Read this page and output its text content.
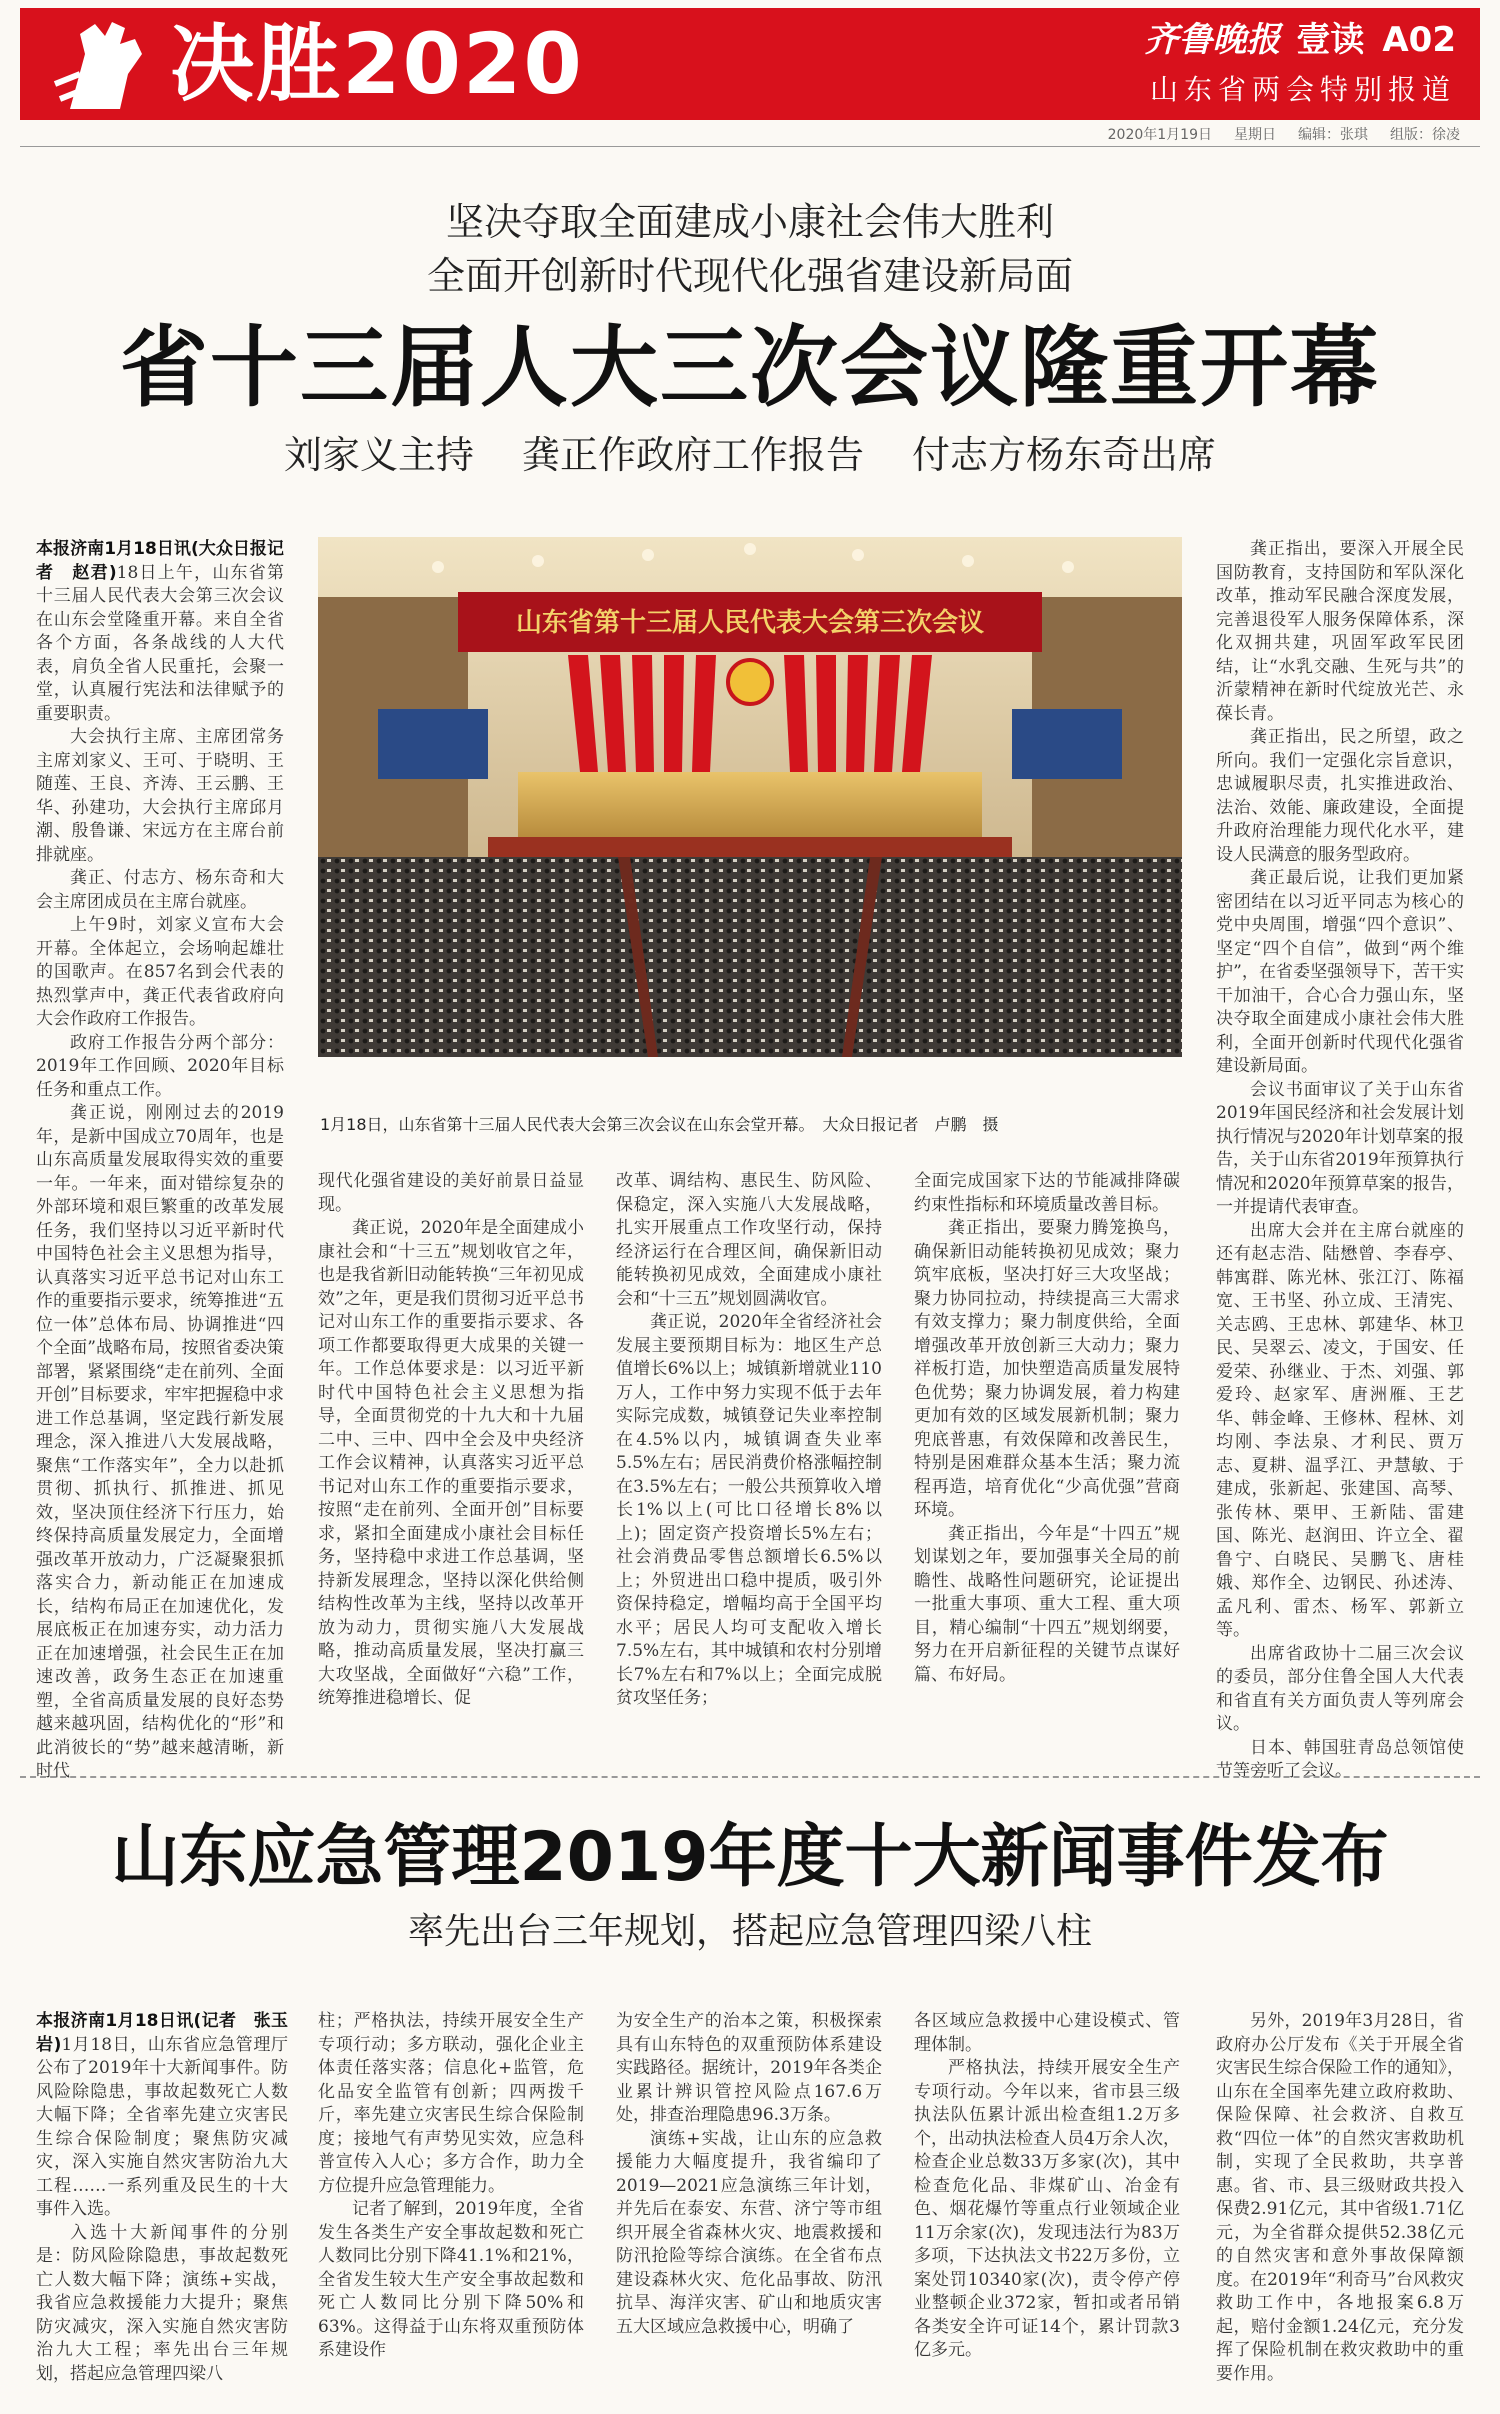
决胜2020	齐鲁晚报 壹读 A02
山东省两会特别报道
2020年1月19日 星期日 编辑：张琪 组版：徐凌
坚决夺取全面建成小康社会伟大胜利
全面开创新时代现代化强省建设新局面
省十三届人大三次会议隆重开幕
刘家义主持 龚正作政府工作报告 付志方杨东奇出席

本报济南1月18日讯(大众日报记者　赵君)18日上午，山东省第十三届人民代表大会第三次会议在山东会堂隆重开幕。来自全省各个方面，各条战线的人大代表，肩负全省人民重托，会聚一堂，认真履行宪法和法律赋予的重要职责。

大会执行主席、主席团常务主席刘家义、王可、于晓明、王随莲、王良、齐涛、王云鹏、王华、孙建功，大会执行主席邱月潮、殷鲁谦、宋远方在主席台前排就座。

龚正、付志方、杨东奇和大会主席团成员在主席台就座。

上午9时，刘家义宣布大会开幕。全体起立，会场响起雄壮的国歌声。在857名到会代表的热烈掌声中，龚正代表省政府向大会作政府工作报告。

政府工作报告分两个部分：2019年工作回顾、2020年目标任务和重点工作。

龚正说，刚刚过去的2019年，是新中国成立70周年，也是山东高质量发展取得实效的重要一年。一年来，面对错综复杂的外部环境和艰巨繁重的改革发展任务，我们坚持以习近平新时代中国特色社会主义思想为指导，认真落实习近平总书记对山东工作的重要指示要求，统筹推进“五位一体”总体布局、协调推进“四个全面”战略布局，按照省委决策部署，紧紧围绕“走在前列、全面开创”目标要求，牢牢把握稳中求进工作总基调，坚定践行新发展理念，深入推进八大发展战略，聚焦“工作落实年”，全力以赴抓贯彻、抓执行、抓推进、抓见效，坚决顶住经济下行压力，始终保持高质量发展定力，全面增强改革开放动力，广泛凝聚狠抓落实合力，新动能正在加速成长，结构布局正在加速优化，发展底板正在加速夯实，动力活力正在加速增强，社会民生正在加速改善，政务生态正在加速重塑，全省高质量发展的良好态势越来越巩固，结构优化的“形”和此消彼长的“势”越来越清晰，新时代

山东省第十三届人民代表大会第三次会议
1月18日，山东省第十三届人民代表大会第三次会议在山东会堂开幕。　大众日报记者　卢鹏　摄

现代化强省建设的美好前景日益显现。

龚正说，2020年是全面建成小康社会和“十三五”规划收官之年，也是我省新旧动能转换“三年初见成效”之年，更是我们贯彻习近平总书记对山东工作的重要指示要求、各项工作都要取得更大成果的关键一年。工作总体要求是：以习近平新时代中国特色社会主义思想为指导，全面贯彻党的十九大和十九届二中、三中、四中全会及中央经济工作会议精神，认真落实习近平总书记对山东工作的重要指示要求，按照“走在前列、全面开创”目标要求，紧扣全面建成小康社会目标任务，坚持稳中求进工作总基调，坚持新发展理念，坚持以深化供给侧结构性改革为主线，坚持以改革开放为动力，贯彻实施八大发展战略，推动高质量发展，坚决打赢三大攻坚战，全面做好“六稳”工作，统筹推进稳增长、促

改革、调结构、惠民生、防风险、保稳定，深入实施八大发展战略，扎实开展重点工作攻坚行动，保持经济运行在合理区间，确保新旧动能转换初见成效，全面建成小康社会和“十三五”规划圆满收官。

龚正说，2020年全省经济社会发展主要预期目标为：地区生产总值增长6%以上；城镇新增就业110万人，工作中努力实现不低于去年实际完成数，城镇登记失业率控制在4.5%以内，城镇调查失业率5.5%左右；居民消费价格涨幅控制在3.5%左右；一般公共预算收入增长1%以上(可比口径增长8%以上)；固定资产投资增长5%左右；社会消费品零售总额增长6.5%以上；外贸进出口稳中提质，吸引外资保持稳定，增幅均高于全国平均水平；居民人均可支配收入增长7.5%左右，其中城镇和农村分别增长7%左右和7%以上；全面完成脱贫攻坚任务；

全面完成国家下达的节能减排降碳约束性指标和环境质量改善目标。

龚正指出，要聚力腾笼换鸟，确保新旧动能转换初见成效；聚力筑牢底板，坚决打好三大攻坚战；聚力协同拉动，持续提高三大需求有效支撑力；聚力制度供给，全面增强改革开放创新三大动力；聚力祥板打造，加快塑造高质量发展特色优势；聚力协调发展，着力构建更加有效的区域发展新机制；聚力兜底普惠，有效保障和改善民生，特别是困难群众基本生活；聚力流程再造，培育优化“少高优强”营商环境。

龚正指出，今年是“十四五”规划谋划之年，要加强事关全局的前瞻性、战略性问题研究，论证提出一批重大事项、重大工程、重大项目，精心编制“十四五”规划纲要，努力在开启新征程的关键节点谋好篇、布好局。

龚正指出，要深入开展全民国防教育，支持国防和军队深化改革，推动军民融合深度发展，完善退役军人服务保障体系，深化双拥共建，巩固军政军民团结，让“水乳交融、生死与共”的沂蒙精神在新时代绽放光芒、永葆长青。

龚正指出，民之所望，政之所向。我们一定强化宗旨意识，忠诚履职尽责，扎实推进政治、法治、效能、廉政建设，全面提升政府治理能力现代化水平，建设人民满意的服务型政府。

龚正最后说，让我们更加紧密团结在以习近平同志为核心的党中央周围，增强“四个意识”、坚定“四个自信”，做到“两个维护”，在省委坚强领导下，苦干实干加油干，合心合力强山东，坚决夺取全面建成小康社会伟大胜利，全面开创新时代现代化强省建设新局面。

会议书面审议了关于山东省2019年国民经济和社会发展计划执行情况与2020年计划草案的报告，关于山东省2019年预算执行情况和2020年预算草案的报告，一并提请代表审查。

出席大会并在主席台就座的还有赵志浩、陆懋曾、李春亭、韩寓群、陈光林、张江汀、陈福宽、王书坚、孙立成、王清宪、关志鸥、王忠林、郭建华、林卫民、吴翠云、凌文，于国安、任爱荣、孙继业、于杰、刘强、郭爱玲、赵家军、唐洲雁、王艺华、韩金峰、王修林、程林、刘均刚、李法泉、才利民、贾万志、夏耕、温孚江、尹慧敏、于建成，张新起、张建国、高琴、张传林、栗甲、王新陆、雷建国、陈光、赵润田、许立全、翟鲁宁、白晓民、吴鹏飞、唐桂娥、郑作全、边钢民、孙述涛、孟凡利、雷杰、杨军、郭新立等。

出席省政协十二届三次会议的委员，部分住鲁全国人大代表和省直有关方面负责人等列席会议。

日本、韩国驻青岛总领馆使节等旁听了会议。

山东应急管理2019年度十大新闻事件发布
率先出台三年规划，搭起应急管理四梁八柱

本报济南1月18日讯(记者　张玉岩)1月18日，山东省应急管理厅公布了2019年十大新闻事件。防风险除隐患，事故起数死亡人数大幅下降；全省率先建立灾害民生综合保险制度；聚焦防灾减灾，深入实施自然灾害防治九大工程……一系列重及民生的十大事件入选。

入选十大新闻事件的分别是：防风险除隐患，事故起数死亡人数大幅下降；演练+实战，我省应急救援能力大提升；聚焦防灾减灾，深入实施自然灾害防治九大工程；率先出台三年规划，搭起应急管理四梁八

柱；严格执法，持续开展安全生产专项行动；多方联动，强化企业主体责任落实落；信息化+监管，危化品安全监管有创新；四两拨千斤，率先建立灾害民生综合保险制度；接地气有声势见实效，应急科普宣传入人心；多方合作，助力全方位提升应急管理能力。

记者了解到，2019年度，全省发生各类生产安全事故起数和死亡人数同比分别下降41.1%和21%，全省发生较大生产安全事故起数和死亡人数同比分别下降50%和63%。这得益于山东将双重预防体系建设作

为安全生产的治本之策，积极探索具有山东特色的双重预防体系建设实践路径。据统计，2019年各类企业累计辨识管控风险点167.6万处，排查治理隐患96.3万条。

演练+实战，让山东的应急救援能力大幅度提升，我省编印了2019—2021应急演练三年计划，并先后在泰安、东营、济宁等市组织开展全省森林火灾、地震救援和防汛抢险等综合演练。在全省布点建设森林火灾、危化品事故、防汛抗旱、海洋灾害、矿山和地质灾害五大区域应急救援中心，明确了

各区域应急救援中心建设模式、管理体制。

严格执法，持续开展安全生产专项行动。今年以来，省市县三级执法队伍累计派出检查组1.2万多个，出动执法检查人员4万余人次，检查企业总数33万多家(次)，其中检查危化品、非煤矿山、冶金有色、烟花爆竹等重点行业领域企业11万余家(次)，发现违法行为83万多项，下达执法文书22万多份，立案处罚10340家(次)，责令停产停业整顿企业372家，暂扣或者吊销各类安全许可证14个，累计罚款3亿多元。

另外，2019年3月28日，省政府办公厅发布《关于开展全省灾害民生综合保险工作的通知》，山东在全国率先建立政府救助、保险保障、社会救济、自救互救“四位一体”的自然灾害救助机制，实现了全民救助，共享普惠。省、市、县三级财政共投入保费2.91亿元，其中省级1.71亿元，为全省群众提供52.38亿元的自然灾害和意外事故保障额度。在2019年“利奇马”台风救灾救助工作中，各地报案6.8万起，赔付金额1.24亿元，充分发挥了保险机制在救灾救助中的重要作用。
